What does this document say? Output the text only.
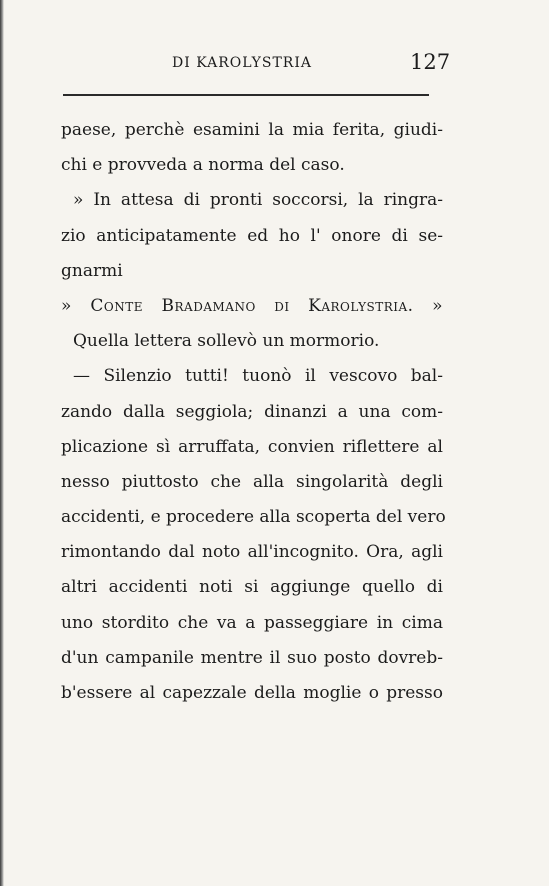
DI KAROLYSTRIA	127
paese, perchè esamini la mia ferita, giudi-
chi e provveda a norma del caso.
» In attesa di pronti soccorsi, la ringra-
zio anticipatamente ed ho l' onore di se-
gnarmi
» Conte Bradamano di Karolystria. »
Quella lettera sollevò un mormorio.
— Silenzio tutti! tuonò il vescovo bal-
zando dalla seggiola; dinanzi a una com-
plicazione sì arruffata, convien riflettere al
nesso piuttosto che alla singolarità degli
accidenti, e procedere alla scoperta del vero
rimontando dal noto all'incognito. Ora, agli
altri accidenti noti si aggiunge quello di
uno stordito che va a passeggiare in cima
d'un campanile mentre il suo posto dovreb-
b'essere al capezzale della moglie o presso
